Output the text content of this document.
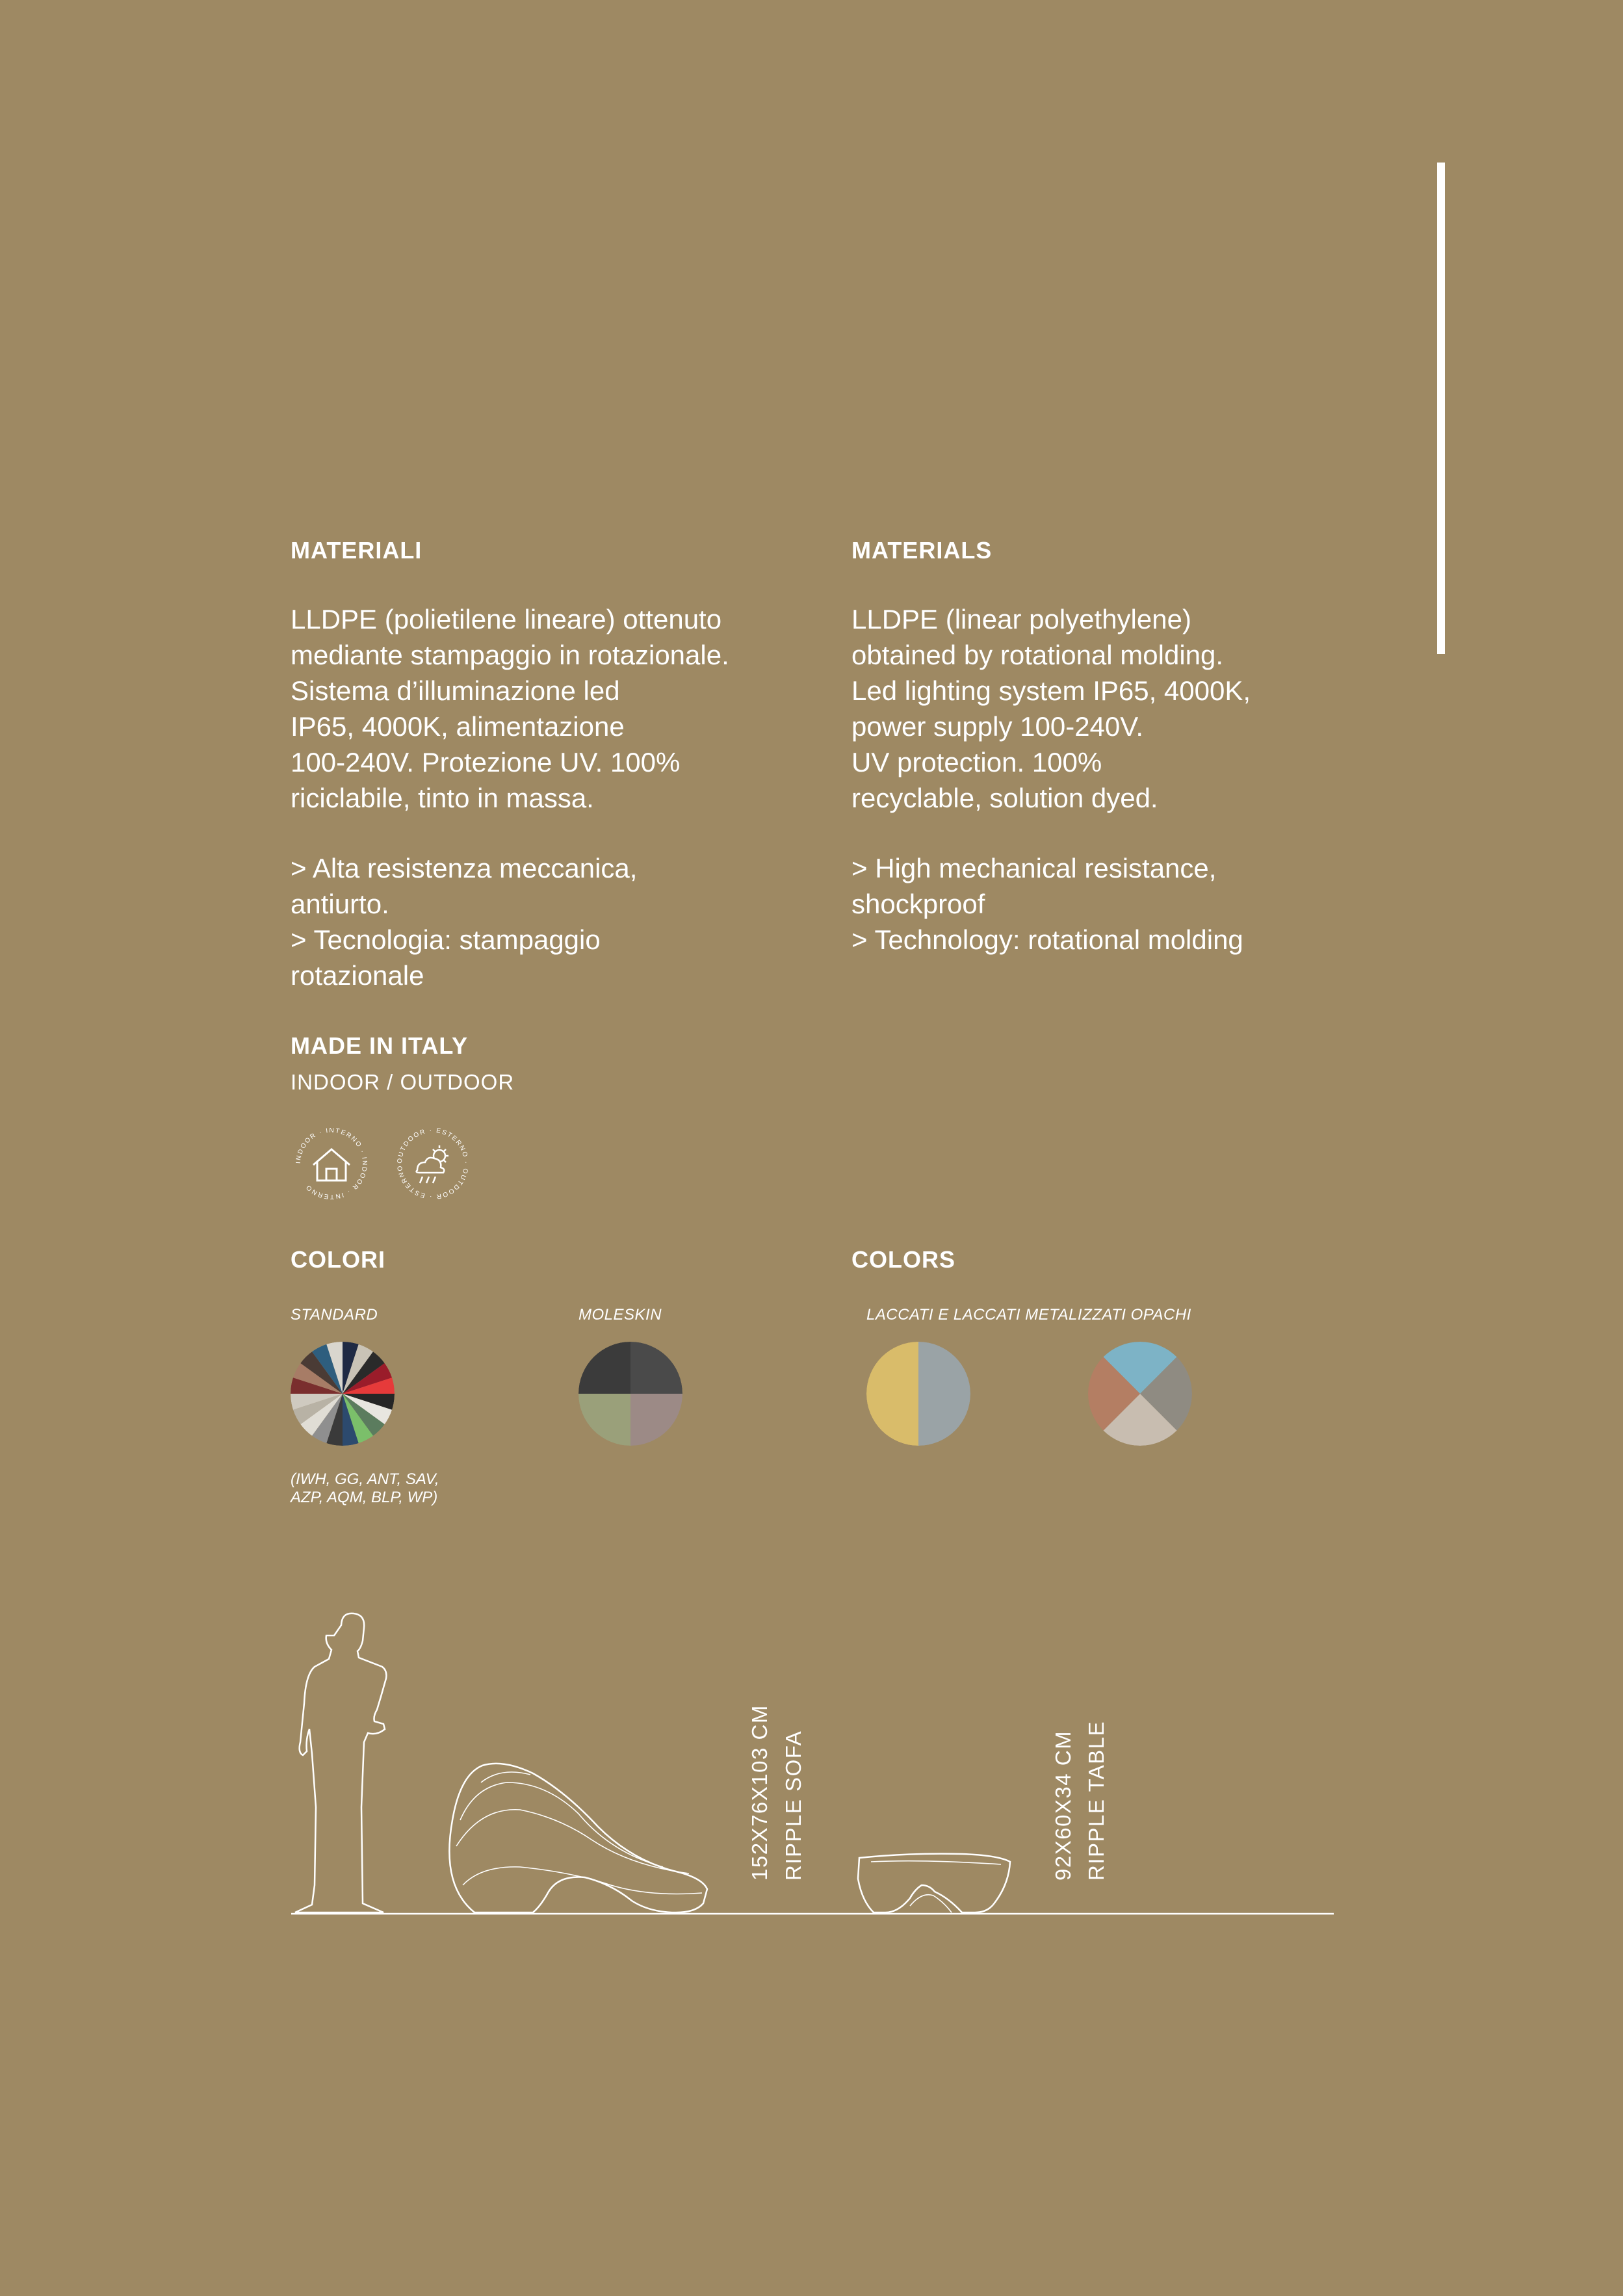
MATERIALI
LLDPE (polietilene lineare) ottenuto
mediante stampaggio in rotazionale.
Sistema d’illuminazione led
IP65, 4000K, alimentazione
100-240V. Protezione UV. 100%
riciclabile, tinto in massa.
> Alta resistenza meccanica,
antiurto.
> Tecnologia: stampaggio
rotazionale
MATERIALS
LLDPE (linear polyethylene)
obtained by rotational molding.
Led lighting system IP65, 4000K,
power supply 100-240V.
UV protection. 100%
recyclable, solution dyed.
> High mechanical resistance,
shockproof
> Technology: rotational molding
MADE IN ITALY
INDOOR / OUTDOOR
INDOOR · INTERNO · INDOOR · INTERNO
OUTDOOR · ESTERNO · OUTDOOR · ESTERNO
COLORI	COLORS
STANDARD	MOLESKIN	LACCATI E LACCATI METALIZZATI OPACHI
(IWH, GG, ANT, SAV,
AZP, AQM, BLP, WP)
152X76X103 CM RIPPLE SOFA	92X60X34 CM RIPPLE TABLE
